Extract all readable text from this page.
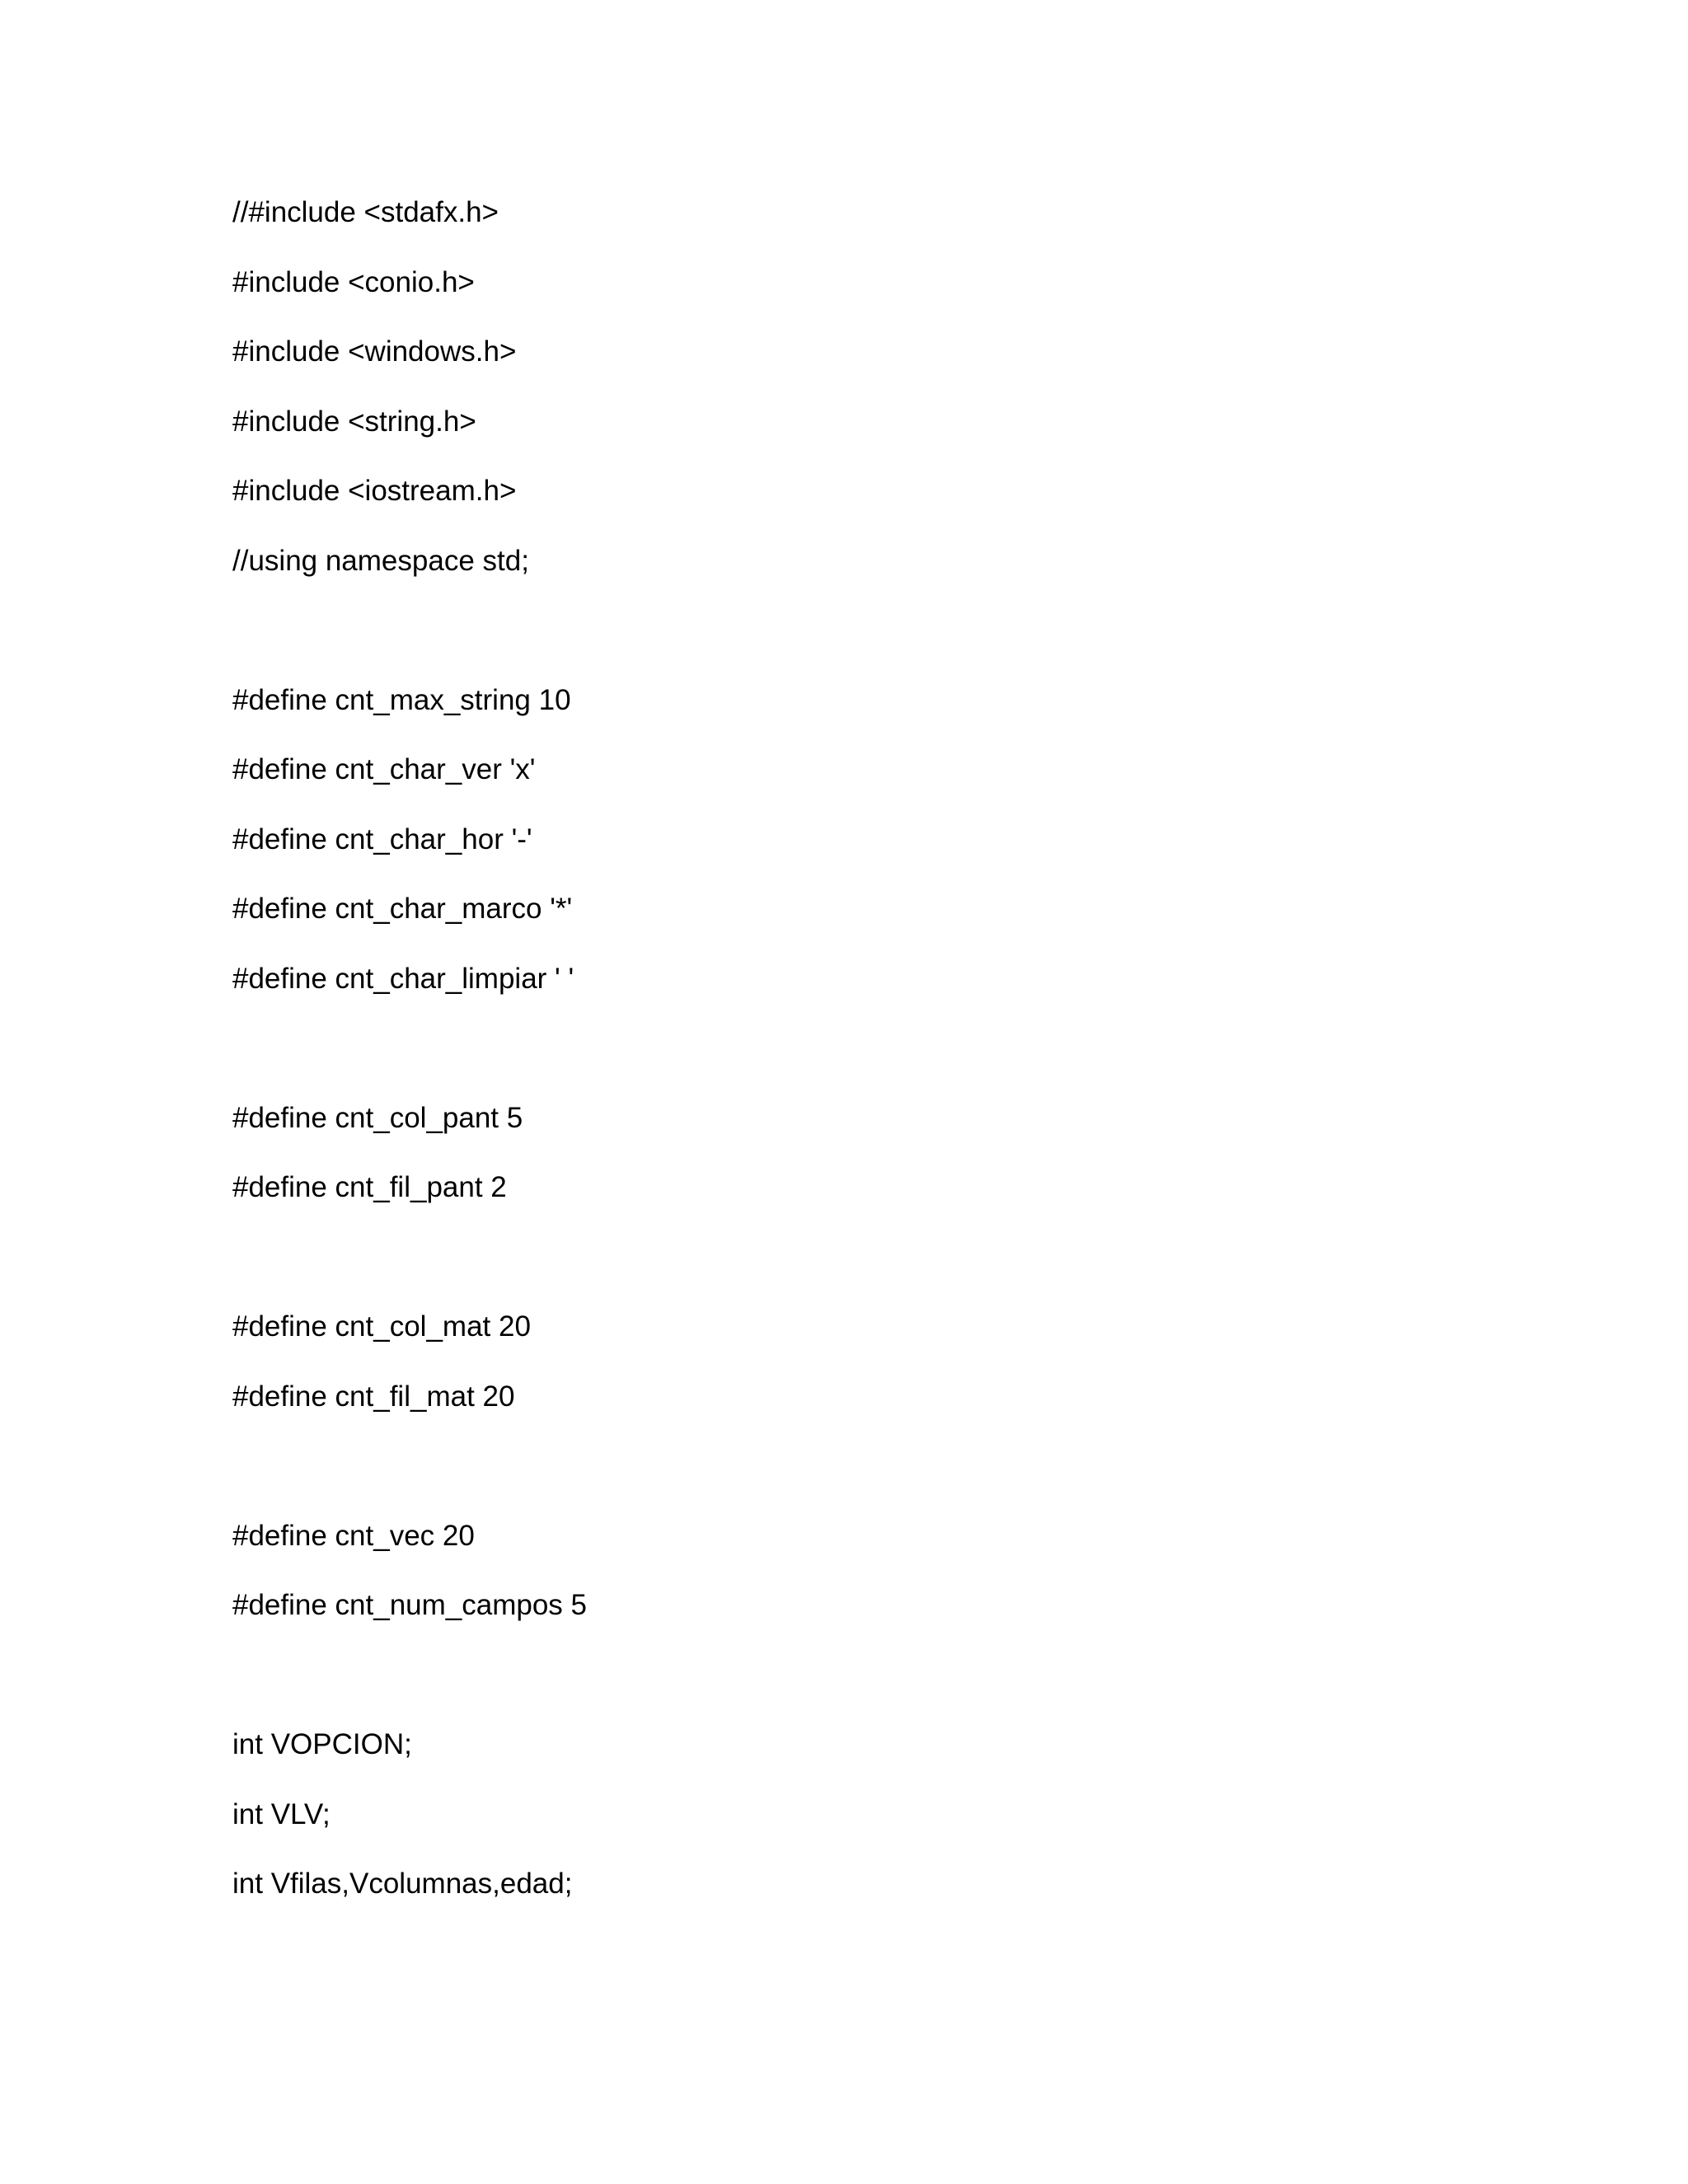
//#include <stdafx.h>
#include <conio.h>
#include <windows.h>
#include <string.h>
#include <iostream.h>
//using namespace std;
#define cnt_max_string 10
#define cnt_char_ver 'x'
#define cnt_char_hor '-'
#define cnt_char_marco '*'
#define cnt_char_limpiar ' '
#define cnt_col_pant 5
#define cnt_fil_pant 2
#define cnt_col_mat 20
#define cnt_fil_mat 20
#define cnt_vec 20
#define cnt_num_campos 5
int VOPCION;
int VLV;
int Vfilas,Vcolumnas,edad;
